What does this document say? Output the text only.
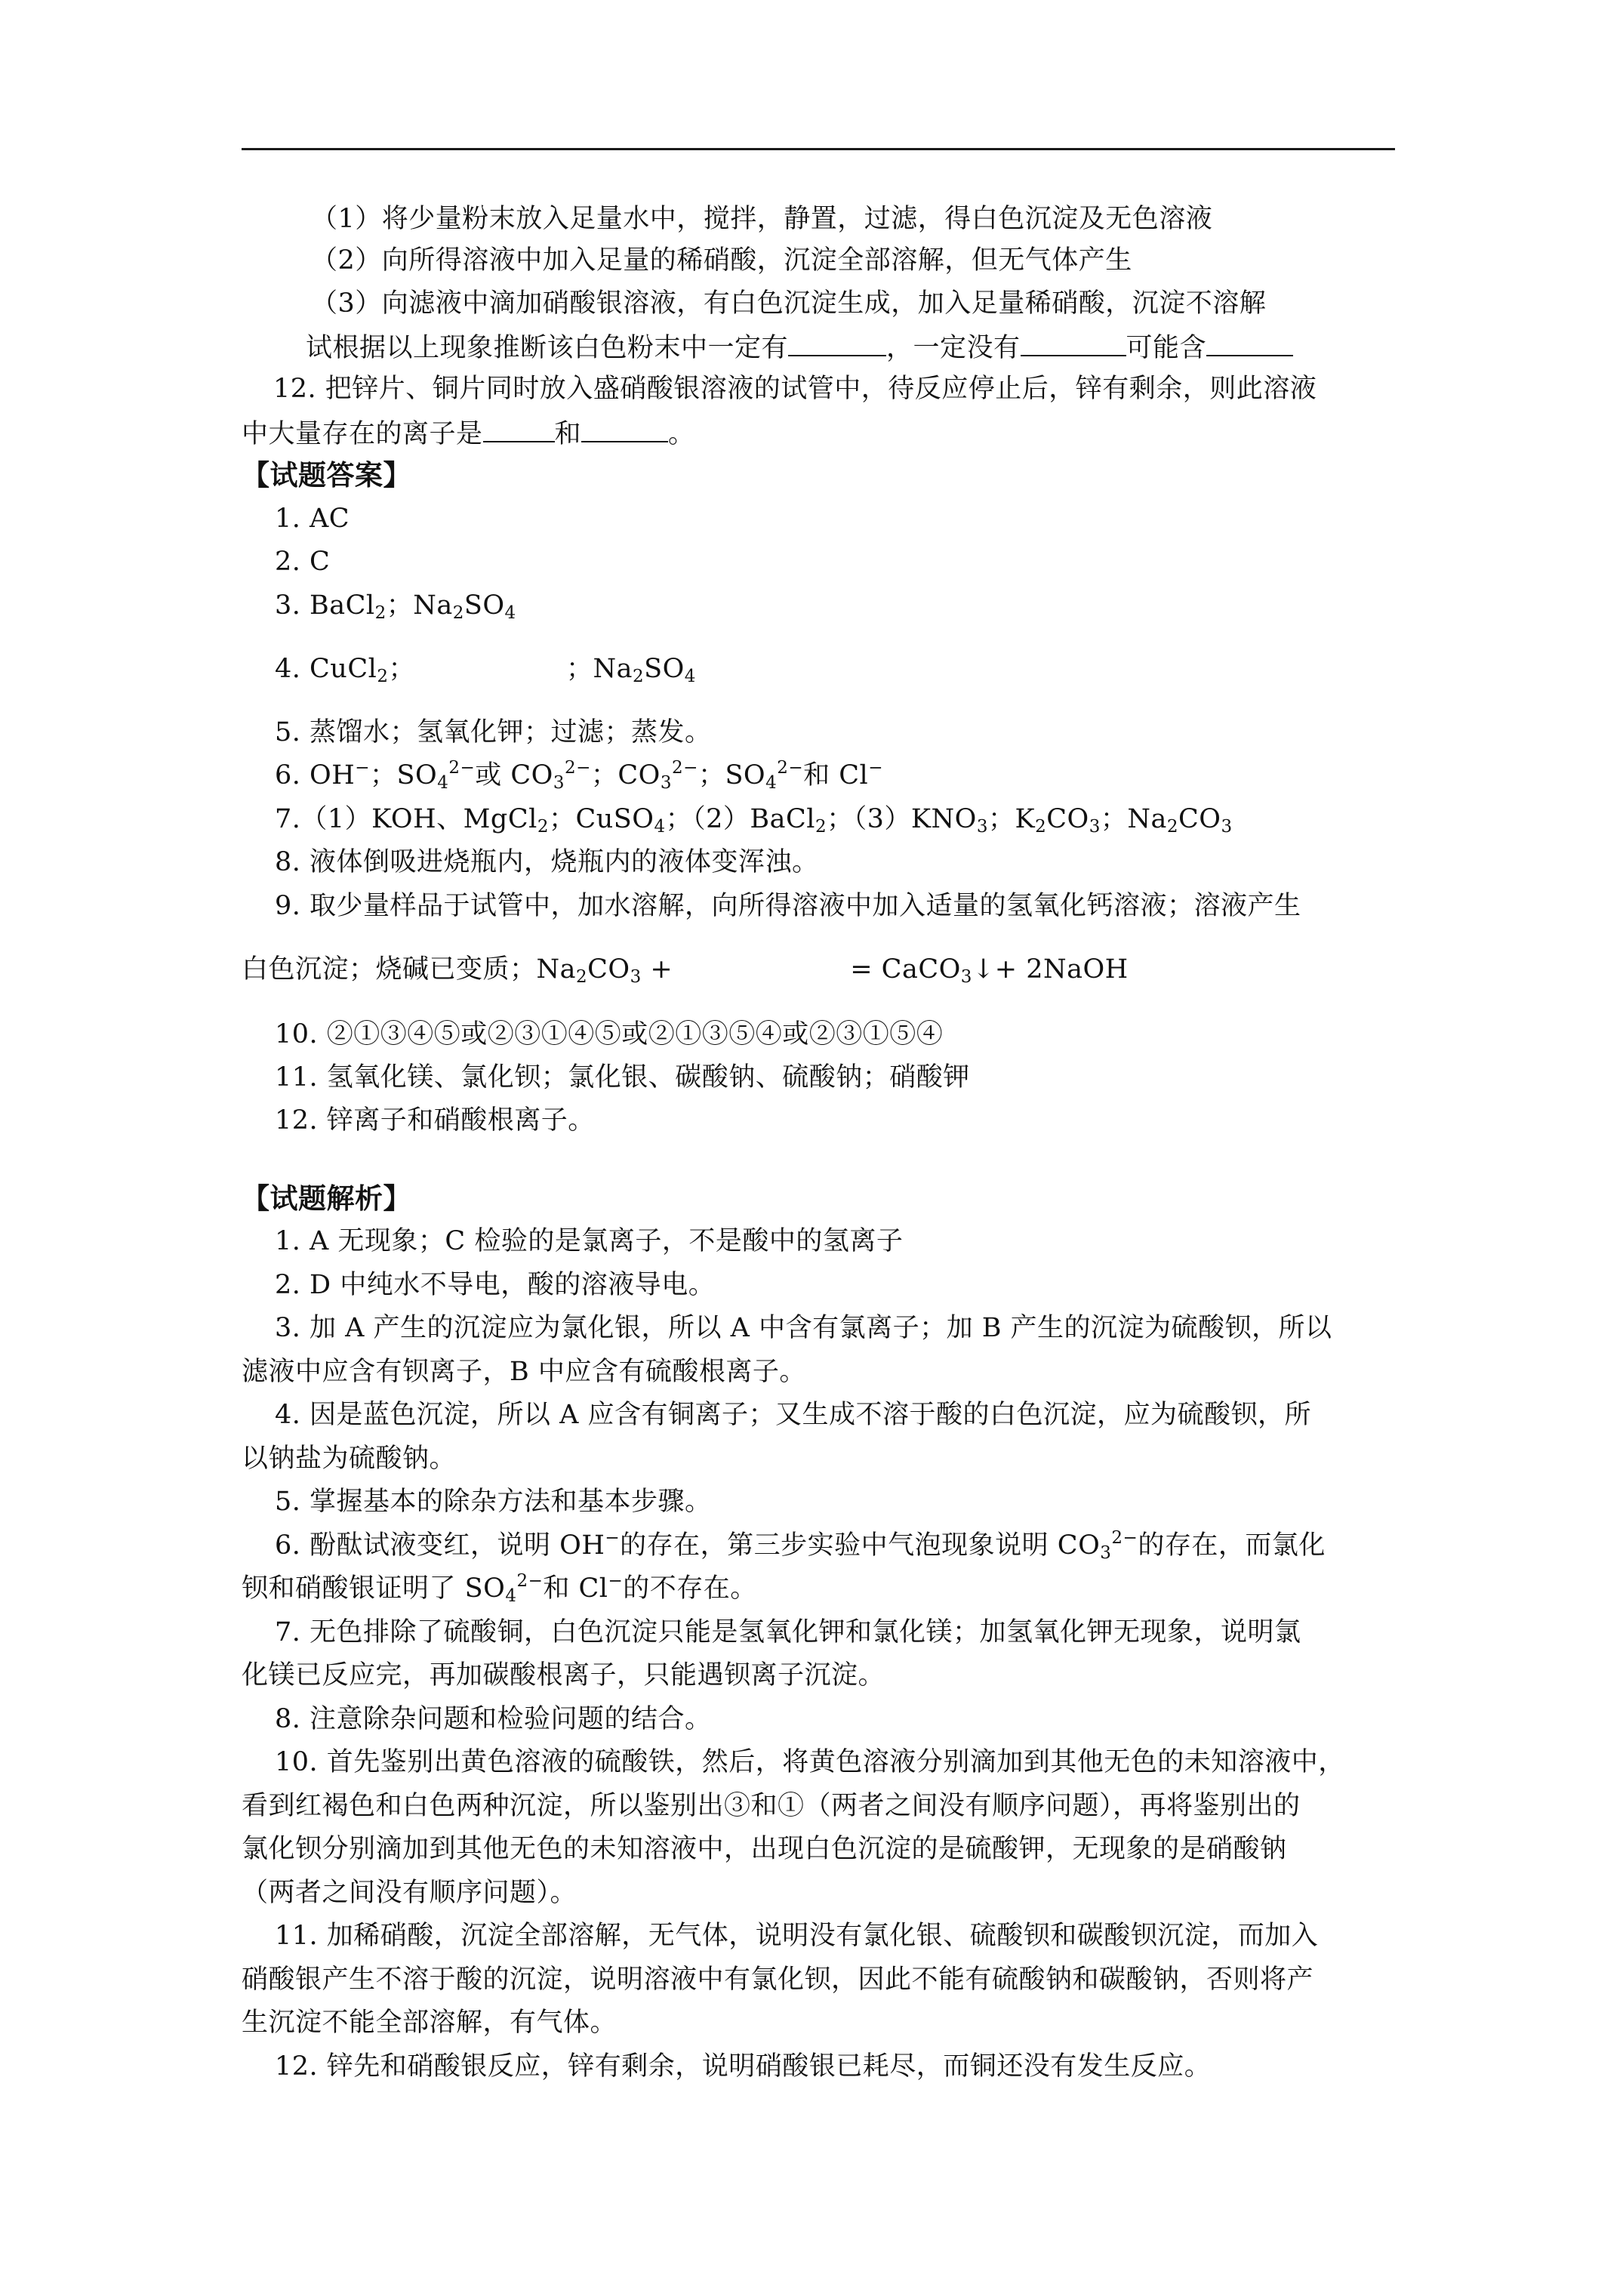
（1）将少量粉末放入足量水中，搅拌，静置，过滤，得白色沉淀及无色溶液
（2）向所得溶液中加入足量的稀硝酸，沉淀全部溶解，但无气体产生
（3）向滤液中滴加硝酸银溶液，有白色沉淀生成，加入足量稀硝酸，沉淀不溶解
试根据以上现象推断该白色粉末中一定有	，一定没有	可能含
12. 把锌片、铜片同时放入盛硝酸银溶液的试管中，待反应停止后，锌有剩余，则此溶液
中大量存在的离子是	和	。
【试题答案】
1. AC
2. C
3. BaCl$_2$；$Na_2SO_4$
4. CuCl$_2$；	；$Na_2SO_4$
5. 蒸馏水；氢氧化钾；过滤；蒸发。
6. OH−；$SO_4^{2-}$或 $CO_3^{2-}$；$CO_3^{2-}$；$SO_4^{2-}$和 Cl−
7.（1）KOH、MgCl$_2$；CuSO$_4$；（2）BaCl$_2$；$(3)KNO_3$；$K_2CO_3$；$Na_2CO_3$
8. 液体倒吸进烧瓶内，烧瓶内的液体变浑浊。
9. 取少量样品于试管中，加水溶解，向所得溶液中加入适量的氢氧化钙溶液；溶液产生
白色沉淀；烧碱已变质；$Na_2CO_3$ +	= CaCO$_3$↓+ 2NaOH
10. ②①③④⑤或②③①④⑤或②①③⑤④或②③①⑤④
11. 氢氧化镁、氯化钡；氯化银、碳酸钠、硫酸钠；硝酸钾
12. 锌离子和硝酸根离子。
【试题解析】
1. A 无现象；C 检验的是氯离子，不是酸中的氢离子
2. D 中纯水不导电，酸的溶液导电。
3. 加 A 产生的沉淀应为氯化银，所以 A 中含有氯离子；加 B 产生的沉淀为硫酸钡，所以
滤液中应含有钡离子，B 中应含有硫酸根离子。
4. 因是蓝色沉淀，所以 A 应含有铜离子；又生成不溶于酸的白色沉淀，应为硫酸钡，所
以钠盐为硫酸钠。
5. 掌握基本的除杂方法和基本步骤。
6. 酚酞试液变红，说明 OH−的存在，第三步实验中气泡现象说明 $CO_3^{2-}$的存在，而氯化
钡和硝酸银证明了 $SO_4^{2-}$和 Cl−的不存在。
7. 无色排除了硫酸铜，白色沉淀只能是氢氧化钾和氯化镁；加氢氧化钾无现象，说明氯
化镁已反应完，再加碳酸根离子，只能遇钡离子沉淀。
8. 注意除杂问题和检验问题的结合。
10. 首先鉴别出黄色溶液的硫酸铁，然后，将黄色溶液分别滴加到其他无色的未知溶液中，
看到红褐色和白色两种沉淀，所以鉴别出③和①（两者之间没有顺序问题），再将鉴别出的
氯化钡分别滴加到其他无色的未知溶液中，出现白色沉淀的是硫酸钾，无现象的是硝酸钠
（两者之间没有顺序问题）。
11. 加稀硝酸，沉淀全部溶解，无气体，说明没有氯化银、硫酸钡和碳酸钡沉淀，而加入
硝酸银产生不溶于酸的沉淀，说明溶液中有氯化钡，因此不能有硫酸钠和碳酸钠，否则将产
生沉淀不能全部溶解，有气体。
12. 锌先和硝酸银反应，锌有剩余，说明硝酸银已耗尽，而铜还没有发生反应。
